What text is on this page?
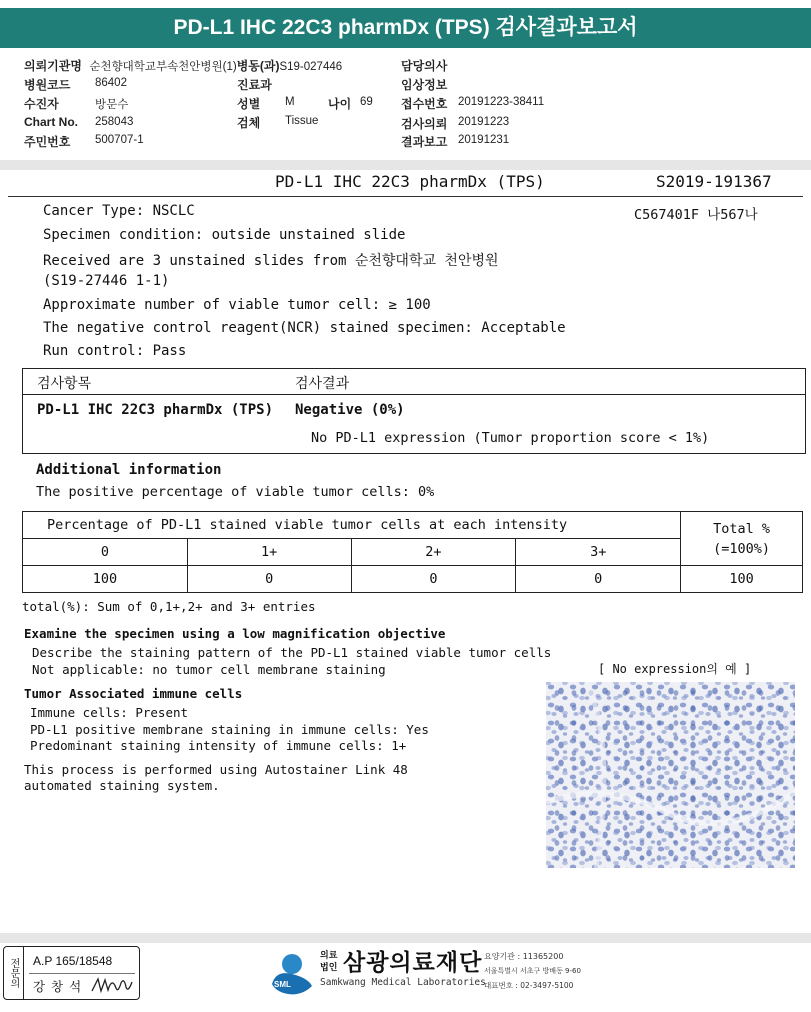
PD-L1 IHC 22C3 pharmDx (TPS) 검사결과보고서
의뢰기관명 순천향대학교부속천안병원(1)병동(과)S19-027446	담당의사
병원코드 86402	진료과	임상정보
수진자	방문수	성별 M	나이 69 접수번호 20191223-38411
Chart No. 258043	검체 Tissue	검사의뢰 20191223
주민번호 500707-1	결과보고 20191231
PD-L1 IHC 22C3 pharmDx (TPS)	S2019-191367
C567401F 나567나
Cancer Type: NSCLC
Specimen condition: outside unstained slide
Received are 3 unstained slides from 순천향대학교 천안병원
(S19-27446 1-1)
Approximate number of viable tumor cell: ≥ 100
The negative control reagent(NCR) stained specimen: Acceptable
Run control: Pass
검사항목	검사결과
PD-L1 IHC 22C3 pharmDx (TPS) Negative (0%)
No PD-L1 expression (Tumor proportion score < 1%)
Additional information
The positive percentage of viable tumor cells: 0%
Percentage of PD-L1 stained viable tumor cells at each intensity				Total %
(=100%)

0	1+	2+	3+	
100	0	0	0	100
total(%): Sum of 0,1+,2+ and 3+ entries
Examine the specimen using a low magnification objective
Describe the staining pattern of the PD-L1 stained viable tumor cells
Not applicable: no tumor cell membrane staining	[ No expression의 예 ]
Tumor Associated immune cells
Immune cells: Present
PD-L1 positive membrane staining in immune cells: Yes
Predominant staining intensity of immune cells: 1+
This process is performed using Autostainer Link 48
automated staining system.
전문의	A.P 165/18548
강 창 석	SML
의료
법인 삼광의료재단
Samkwang Medical Laboratories
요양기관 : 11365200
서울특별시 서초구 방배동 9-60
대표번호 : 02-3497-5100
